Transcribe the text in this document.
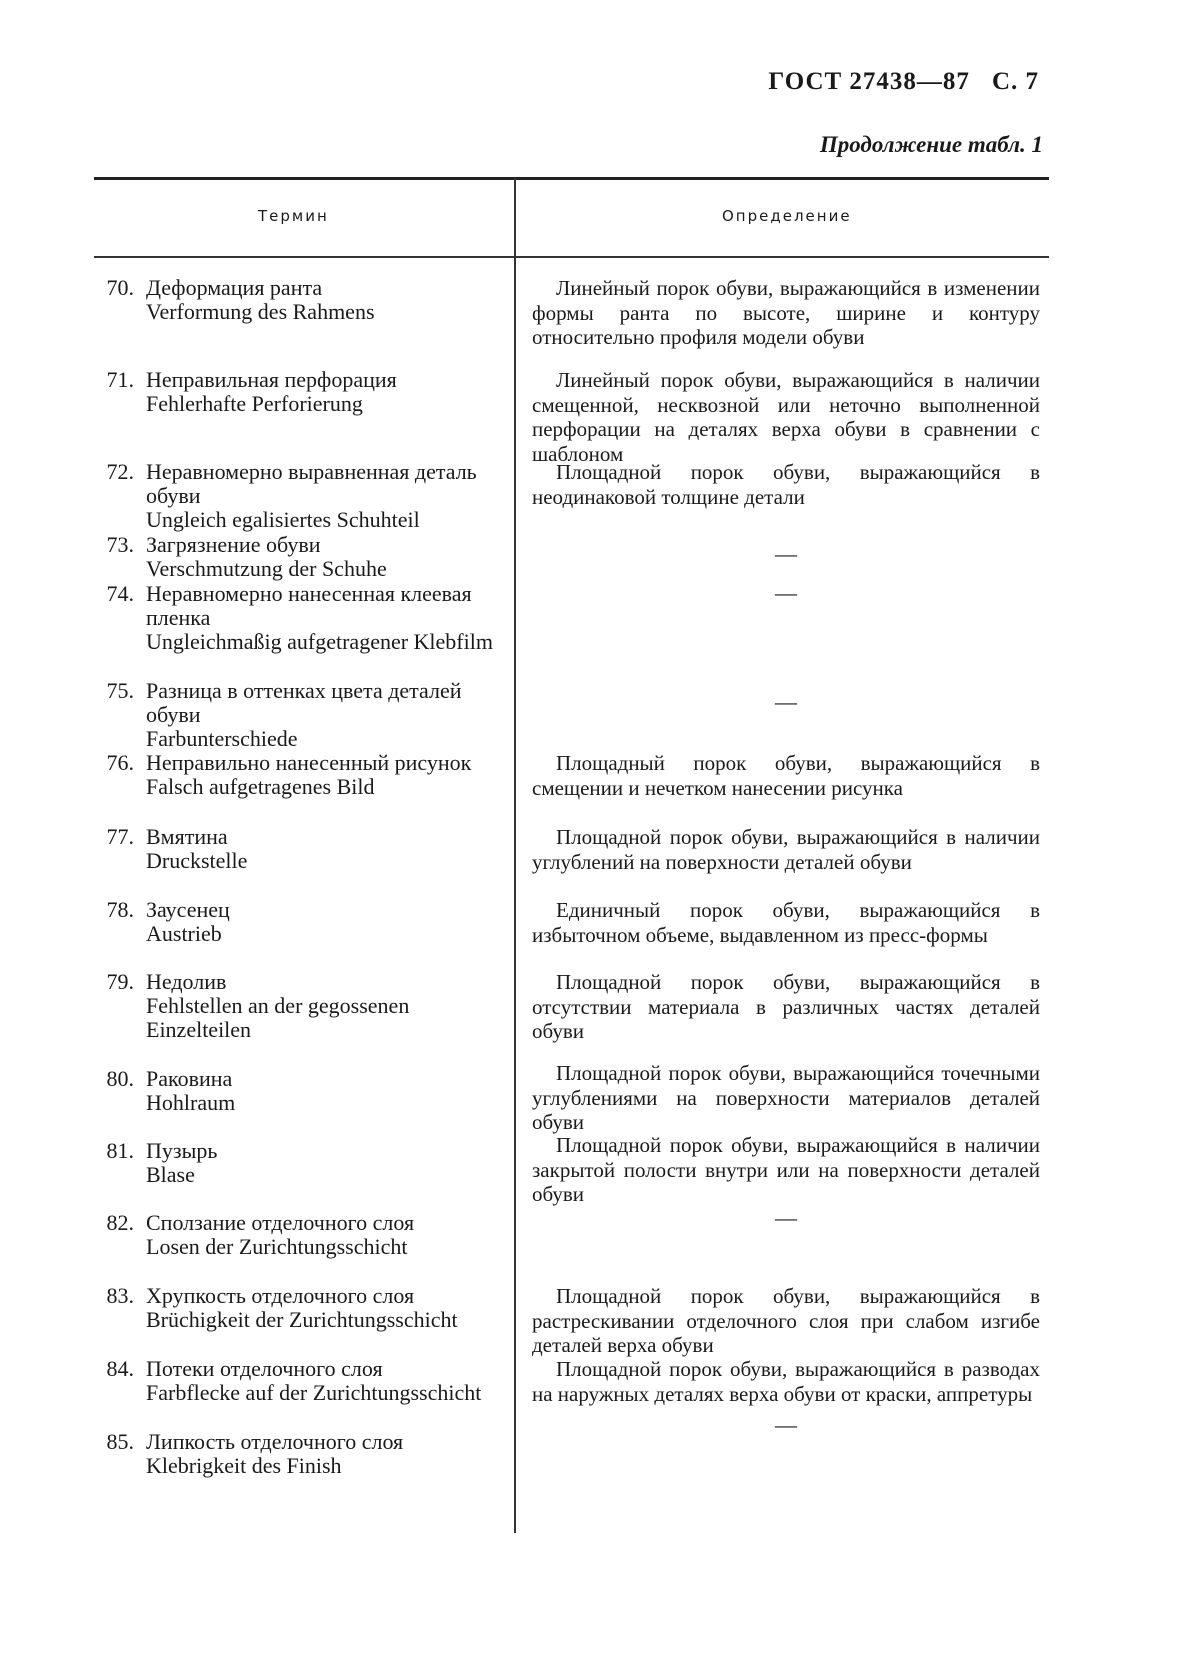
ГОСТ 27438—87 С. 7
Продолжение табл. 1
Термин	Определение
70. Деформация ранта
Verformung des Rahmens
Линейный порок обуви, выражающийся в изменении формы ранта по высоте, ширине и контуру относительно профиля модели обуви
71. Неправильная перфорация
Fehlerhafte Perforierung
Линейный порок обуви, выражающийся в наличии смещенной, несквозной или неточно выполненной перфорации на деталях верха обуви в сравнении с шаблоном
72. Неравномерно выравненная деталь обуви
Ungleich egalisiertes Schuhteil
Площадной порок обуви, выражающийся в неодинаковой толщине детали
73. Загрязнение обуви
Verschmutzung der Schuhe
—
74. Неравномерно нанесенная клеевая пленка
Ungleichmaßig aufgetragener Klebfilm
—
75. Разница в оттенках цвета деталей обуви
Farbunterschiede
—
76. Неправильно нанесенный рисунок
Falsch aufgetragenes Bild
Площадный порок обуви, выражающийся в смещении и нечетком нанесении рисунка
77. Вмятина
Druckstelle
Площадной порок обуви, выражающийся в наличии углублений на поверхности деталей обуви
78. Заусенец
Austrieb
Единичный порок обуви, выражающийся в избыточном объеме, выдавленном из пресс-формы
79. Недолив
Fehlstellen an der gegossenen Einzelteilen
Площадной порок обуви, выражающийся в отсутствии материала в различных частях деталей обуви
80. Раковина
Hohlraum
Площадной порок обуви, выражающийся точечными углублениями на поверхности материалов деталей обуви
81. Пузырь
Blase
Площадной порок обуви, выражающийся в наличии закрытой полости внутри или на поверхности деталей обуви
82. Сползание отделочного слоя
Losen der Zurichtungsschicht
—
83. Хрупкость отделочного слоя
Brüchigkeit der Zurichtungsschicht
Площадной порок обуви, выражающийся в растрескивании отделочного слоя при слабом изгибе деталей верха обуви
84. Потеки отделочного слоя
Farbflecke auf der Zurichtungsschicht
Площадной порок обуви, выражающийся в разводах на наружных деталях верха обуви от краски, аппретуры
85. Липкость отделочного слоя
Klebrigkeit des Finish
—
